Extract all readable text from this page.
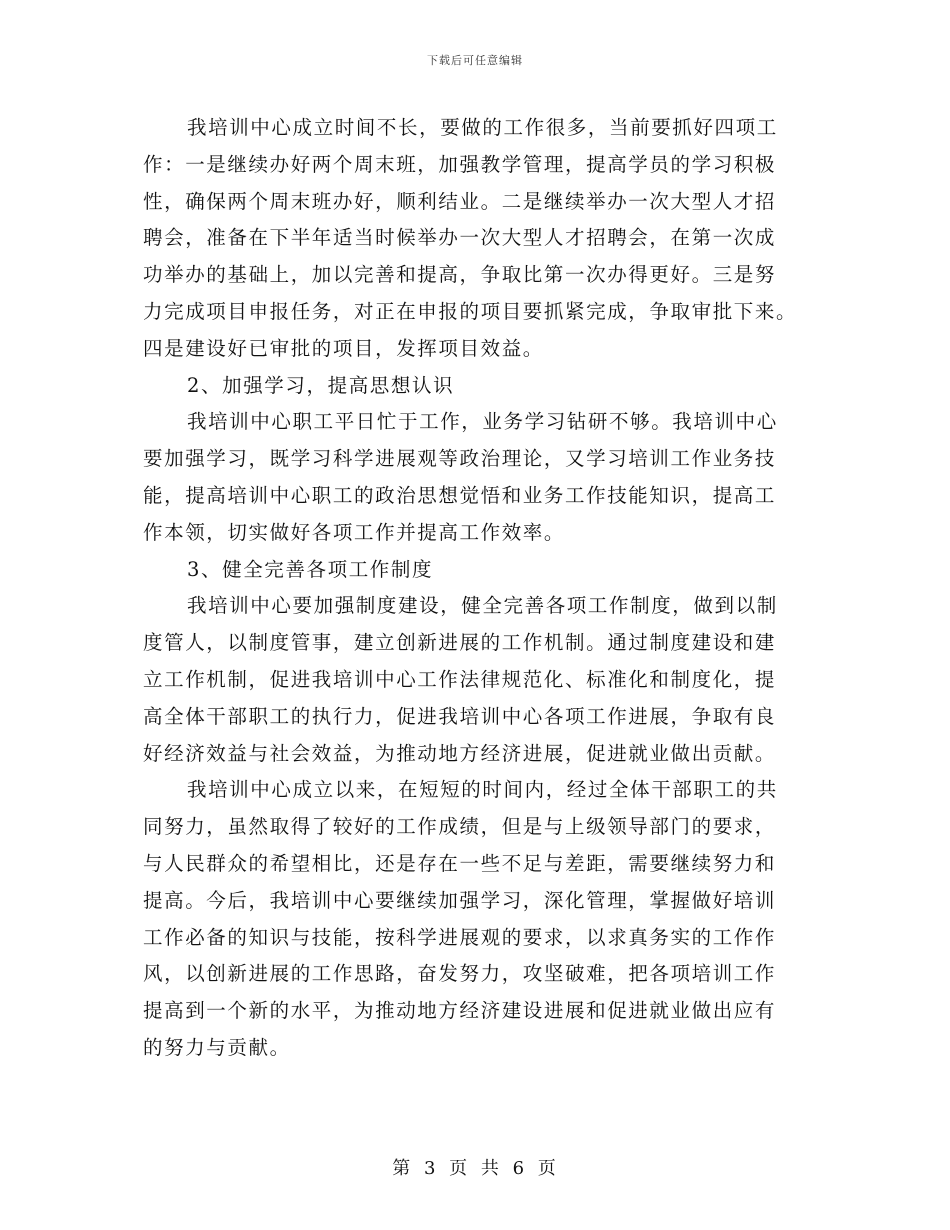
下载后可任意编辑
我培训中心成立时间不长，要做的工作很多，当前要抓好四项工
作：一是继续办好两个周末班，加强教学管理，提高学员的学习积极
性，确保两个周末班办好，顺利结业。二是继续举办一次大型人才招
聘会，准备在下半年适当时候举办一次大型人才招聘会，在第一次成
功举办的基础上，加以完善和提高，争取比第一次办得更好。三是努
力完成项目申报任务，对正在申报的项目要抓紧完成，争取审批下来。
四是建设好已审批的项目，发挥项目效益。
2、加强学习，提高思想认识
我培训中心职工平日忙于工作，业务学习钻研不够。我培训中心
要加强学习，既学习科学进展观等政治理论，又学习培训工作业务技
能，提高培训中心职工的政治思想觉悟和业务工作技能知识，提高工
作本领，切实做好各项工作并提高工作效率。
3、健全完善各项工作制度
我培训中心要加强制度建设，健全完善各项工作制度，做到以制
度管人，以制度管事，建立创新进展的工作机制。通过制度建设和建
立工作机制，促进我培训中心工作法律规范化、标准化和制度化，提
高全体干部职工的执行力，促进我培训中心各项工作进展，争取有良
好经济效益与社会效益，为推动地方经济进展，促进就业做出贡献。
我培训中心成立以来，在短短的时间内，经过全体干部职工的共
同努力，虽然取得了较好的工作成绩，但是与上级领导部门的要求，
与人民群众的希望相比，还是存在一些不足与差距，需要继续努力和
提高。今后，我培训中心要继续加强学习，深化管理，掌握做好培训
工作必备的知识与技能，按科学进展观的要求，以求真务实的工作作
风，以创新进展的工作思路，奋发努力，攻坚破难，把各项培训工作
提高到一个新的水平，为推动地方经济建设进展和促进就业做出应有
的努力与贡献。
第 3 页 共 6 页
